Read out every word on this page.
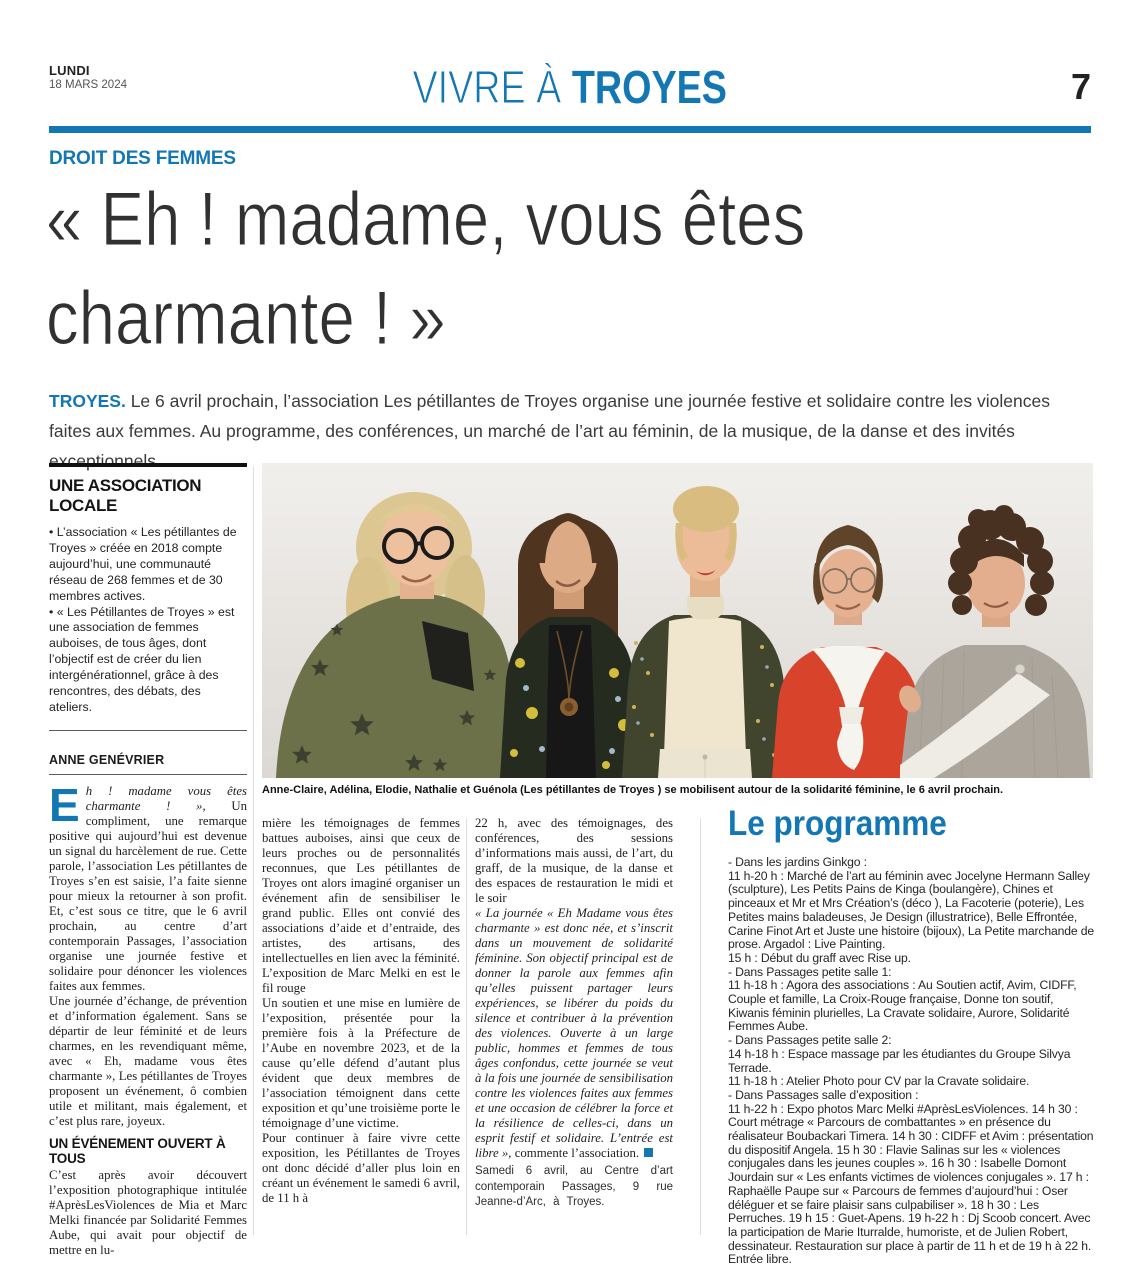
LUNDI
18 MARS 2024	VIVRE À TROYES	7
DROIT DES FEMMES
« Eh ! madame, vous êtes
charmante ! »

TROYES. Le 6 avril prochain, l’association Les pétillantes de Troyes organise une journée festive et solidaire contre les violences faites aux femmes. Au programme, des conférences, un marché de l’art au féminin, de la musique, de la danse et des invités exceptionnels.

UNE ASSOCIATION LOCALE
• L’association « Les pétillantes de Troyes » créée en 2018 compte aujourd’hui, une communauté réseau de 268 femmes et de 30 membres actives.
• « Les Pétillantes de Troyes » est une association de femmes auboises, de tous âges, dont l’objectif est de créer du lien intergénérationnel, grâce à des rencontres, des débats, des ateliers.
ANNE GENÉVRIER

Eh ! madame vous êtes charmante ! », Un compliment, une remarque positive qui aujourd’hui est devenue un signal du harcèlement de rue. Cette parole, l’association Les pétillantes de Troyes s’en est saisie, l’a faite sienne pour mieux la retourner à son profit. Et, c’est sous ce titre, que le 6 avril prochain, au centre d’art contemporain Passages, l’association organise une journée festive et solidaire pour dénoncer les violences faites aux femmes.

Une journée d’échange, de prévention et d’information également. Sans se départir de leur féminité et de leurs charmes, en les revendiquant même, avec « Eh, madame vous êtes charmante », Les pétillantes de Troyes proposent un événement, ô combien utile et militant, mais également, et c’est plus rare, joyeux.

UN ÉVÉNEMENT OUVERT À TOUS

C’est après avoir découvert l’exposition photographique intitulée #AprèsLesViolences de Mia et Marc Melki financée par Solidarité Femmes Aube, qui avait pour objectif de mettre en lu-

Anne-Claire, Adélina, Elodie, Nathalie et Guénola (Les pétillantes de Troyes ) se mobilisent autour de la solidarité féminine, le 6 avril prochain.

mière les témoignages de femmes battues auboises, ainsi que ceux de leurs proches ou de personnalités reconnues, que Les pétillantes de Troyes ont alors imaginé organiser un événement afin de sensibiliser le grand public. Elles ont convié des associations d’aide et d’entraide, des artistes, des artisans, des intellectuelles en lien avec la féminité. L’exposition de Marc Melki en est le fil rouge

Un soutien et une mise en lumière de l’exposition, présentée pour la première fois à la Préfecture de l’Aube en novembre 2023, et de la cause qu’elle défend d’autant plus évident que deux membres de l’association témoignent dans cette exposition et qu’une troisième porte le témoignage d’une victime.

Pour continuer à faire vivre cette exposition, les Pétillantes de Troyes ont donc décidé d’aller plus loin en créant un événement le samedi 6 avril, de 11 h à

22 h, avec des témoignages, des conférences, des sessions d’informations mais aussi, de l’art, du graff, de la musique, de la danse et des espaces de restauration le midi et le soir

« La journée « Eh Madame vous êtes charmante » est donc née, et s’inscrit dans un mouvement de solidarité féminine. Son objectif principal est de donner la parole aux femmes afin qu’elles puissent partager leurs expériences, se libérer du poids du silence et contribuer à la prévention des violences. Ouverte à un large public, hommes et femmes de tous âges confondus, cette journée se veut à la fois une journée de sensibilisation contre les violences faites aux femmes et une occasion de célébrer la force et la résilience de celles-ci, dans un esprit festif et solidaire. L’entrée est libre », commente l’association.

Samedi 6 avril, au Centre d’art contemporain Passages, 9 rue Jeanne-d’Arc, à Troyes.

Le programme

- Dans les jardins Ginkgo :

11 h-20 h : Marché de l’art au féminin avec Jocelyne Hermann Salley (sculpture), Les Petits Pains de Kinga (boulangère), Chines et pinceaux et Mr et Mrs Création’s (déco ), La Facoterie (poterie), Les Petites mains baladeuses, Je Design (illustratrice), Belle Effrontée, Carine Finot Art et Juste une histoire (bijoux), La Petite marchande de prose. Argadol : Live Painting.

15 h : Début du graff avec Rise up.

- Dans Passages petite salle 1:

11 h-18 h : Agora des associations : Au Soutien actif, Avim, CIDFF, Couple et famille, La Croix-Rouge française, Donne ton soutif, Kiwanis féminin plurielles, La Cravate solidaire, Aurore, Solidarité Femmes Aube.

- Dans Passages petite salle 2:

14 h-18 h : Espace massage par les étudiantes du Groupe Silvya Terrade.

11 h-18 h : Atelier Photo pour CV par la Cravate solidaire.

- Dans Passages salle d’exposition :

11 h-22 h : Expo photos Marc Melki #AprèsLesViolences. 14 h 30 : Court métrage « Parcours de combattantes » en présence du réalisateur Boubackari Timera. 14 h 30 : CIDFF et Avim : présentation du dispositif Angela. 15 h 30 : Flavie Salinas sur les « violences conjugales dans les jeunes couples ». 16 h 30 : Isabelle Domont Jourdain sur « Les enfants victimes de violences conjugales ». 17 h : Raphaëlle Paupe sur « Parcours de femmes d’aujourd’hui : Oser déléguer et se faire plaisir sans culpabiliser ». 18 h 30 : Les Perruches. 19 h 15 : Guet-Apens. 19 h-22 h : Dj Scoob concert. Avec la participation de Marie Iturralde, humoriste, et de Julien Robert, dessinateur. Restauration sur place à partir de 11 h et de 19 h à 22 h. Entrée libre.
